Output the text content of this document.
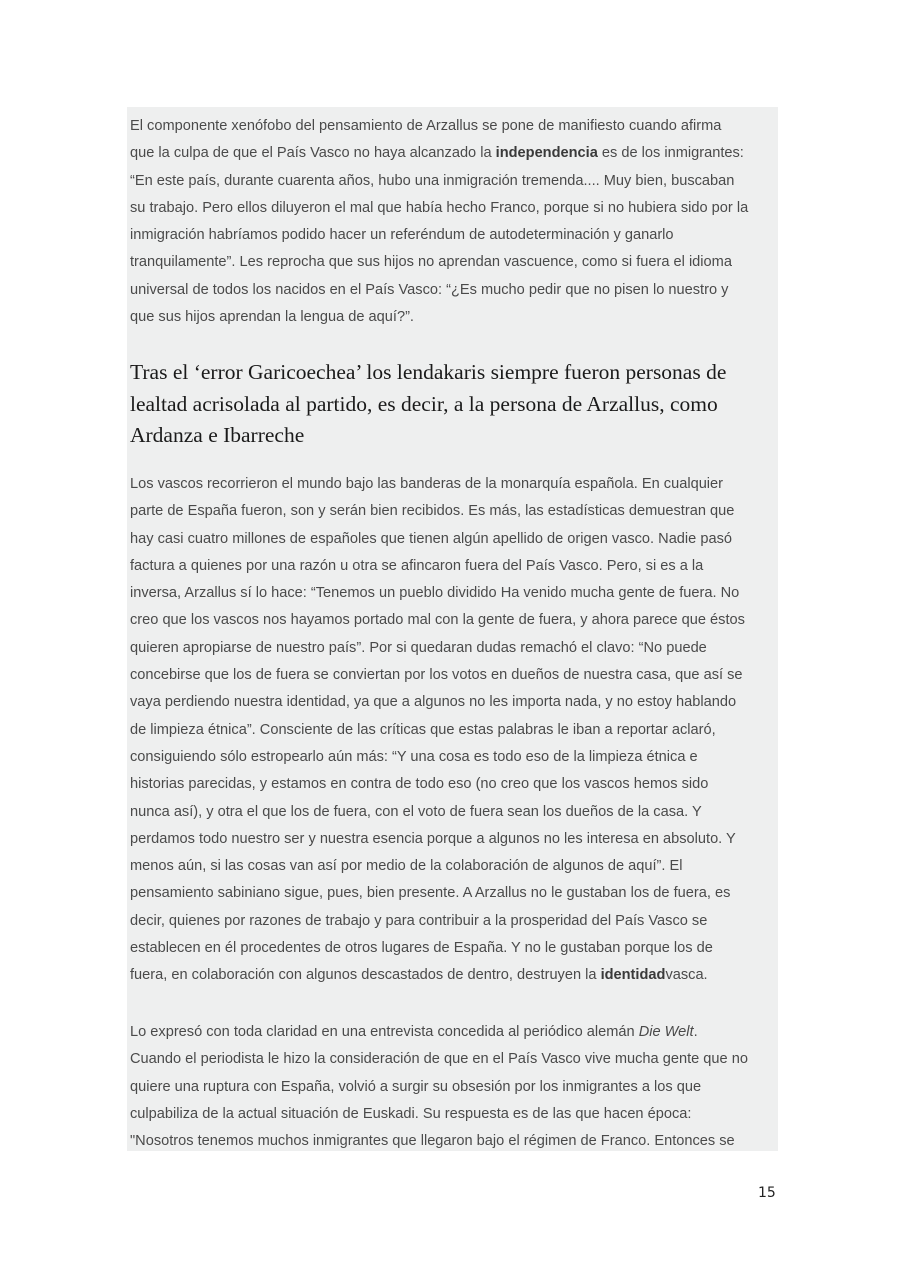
El componente xenófobo del pensamiento de Arzallus se pone de manifiesto cuando afirma
que la culpa de que el País Vasco no haya alcanzado la independencia es de los inmigrantes:
“En este país, durante cuarenta años, hubo una inmigración tremenda.... Muy bien, buscaban
su trabajo. Pero ellos diluyeron el mal que había hecho Franco, porque si no hubiera sido por la
inmigración habríamos podido hacer un referéndum de autodeterminación y ganarlo
tranquilamente”. Les reprocha que sus hijos no aprendan vascuence, como si fuera el idioma
universal de todos los nacidos en el País Vasco: “¿Es mucho pedir que no pisen lo nuestro y
que sus hijos aprendan la lengua de aquí?”.
Tras el ‘error Garicoechea’ los lendakaris siempre fueron personas de
lealtad acrisolada al partido, es decir, a la persona de Arzallus, como
Ardanza e Ibarreche
Los vascos recorrieron el mundo bajo las banderas de la monarquía española. En cualquier
parte de España fueron, son y serán bien recibidos. Es más, las estadísticas demuestran que
hay casi cuatro millones de españoles que tienen algún apellido de origen vasco. Nadie pasó
factura a quienes por una razón u otra se afincaron fuera del País Vasco. Pero, si es a la
inversa, Arzallus sí lo hace: “Tenemos un pueblo dividido Ha venido mucha gente de fuera. No
creo que los vascos nos hayamos portado mal con la gente de fuera, y ahora parece que éstos
quieren apropiarse de nuestro país”. Por si quedaran dudas remachó el clavo: “No puede
concebirse que los de fuera se conviertan por los votos en dueños de nuestra casa, que así se
vaya perdiendo nuestra identidad, ya que a algunos no les importa nada, y no estoy hablando
de limpieza étnica”. Consciente de las críticas que estas palabras le iban a reportar aclaró,
consiguiendo sólo estropearlo aún más: “Y una cosa es todo eso de la limpieza étnica e
historias parecidas, y estamos en contra de todo eso (no creo que los vascos hemos sido
nunca así), y otra el que los de fuera, con el voto de fuera sean los dueños de la casa. Y
perdamos todo nuestro ser y nuestra esencia porque a algunos no les interesa en absoluto. Y
menos aún, si las cosas van así por medio de la colaboración de algunos de aquí”. El
pensamiento sabiniano sigue, pues, bien presente. A Arzallus no le gustaban los de fuera, es
decir, quienes por razones de trabajo y para contribuir a la prosperidad del País Vasco se
establecen en él procedentes de otros lugares de España. Y no le gustaban porque los de
fuera, en colaboración con algunos descastados de dentro, destruyen la identidadvasca.
Lo expresó con toda claridad en una entrevista concedida al periódico alemán Die Welt.
Cuando el periodista le hizo la consideración de que en el País Vasco vive mucha gente que no
quiere una ruptura con España, volvió a surgir su obsesión por los inmigrantes a los que
culpabiliza de la actual situación de Euskadi. Su respuesta es de las que hacen época:
"Nosotros tenemos muchos inmigrantes que llegaron bajo el régimen de Franco. Entonces se
15
